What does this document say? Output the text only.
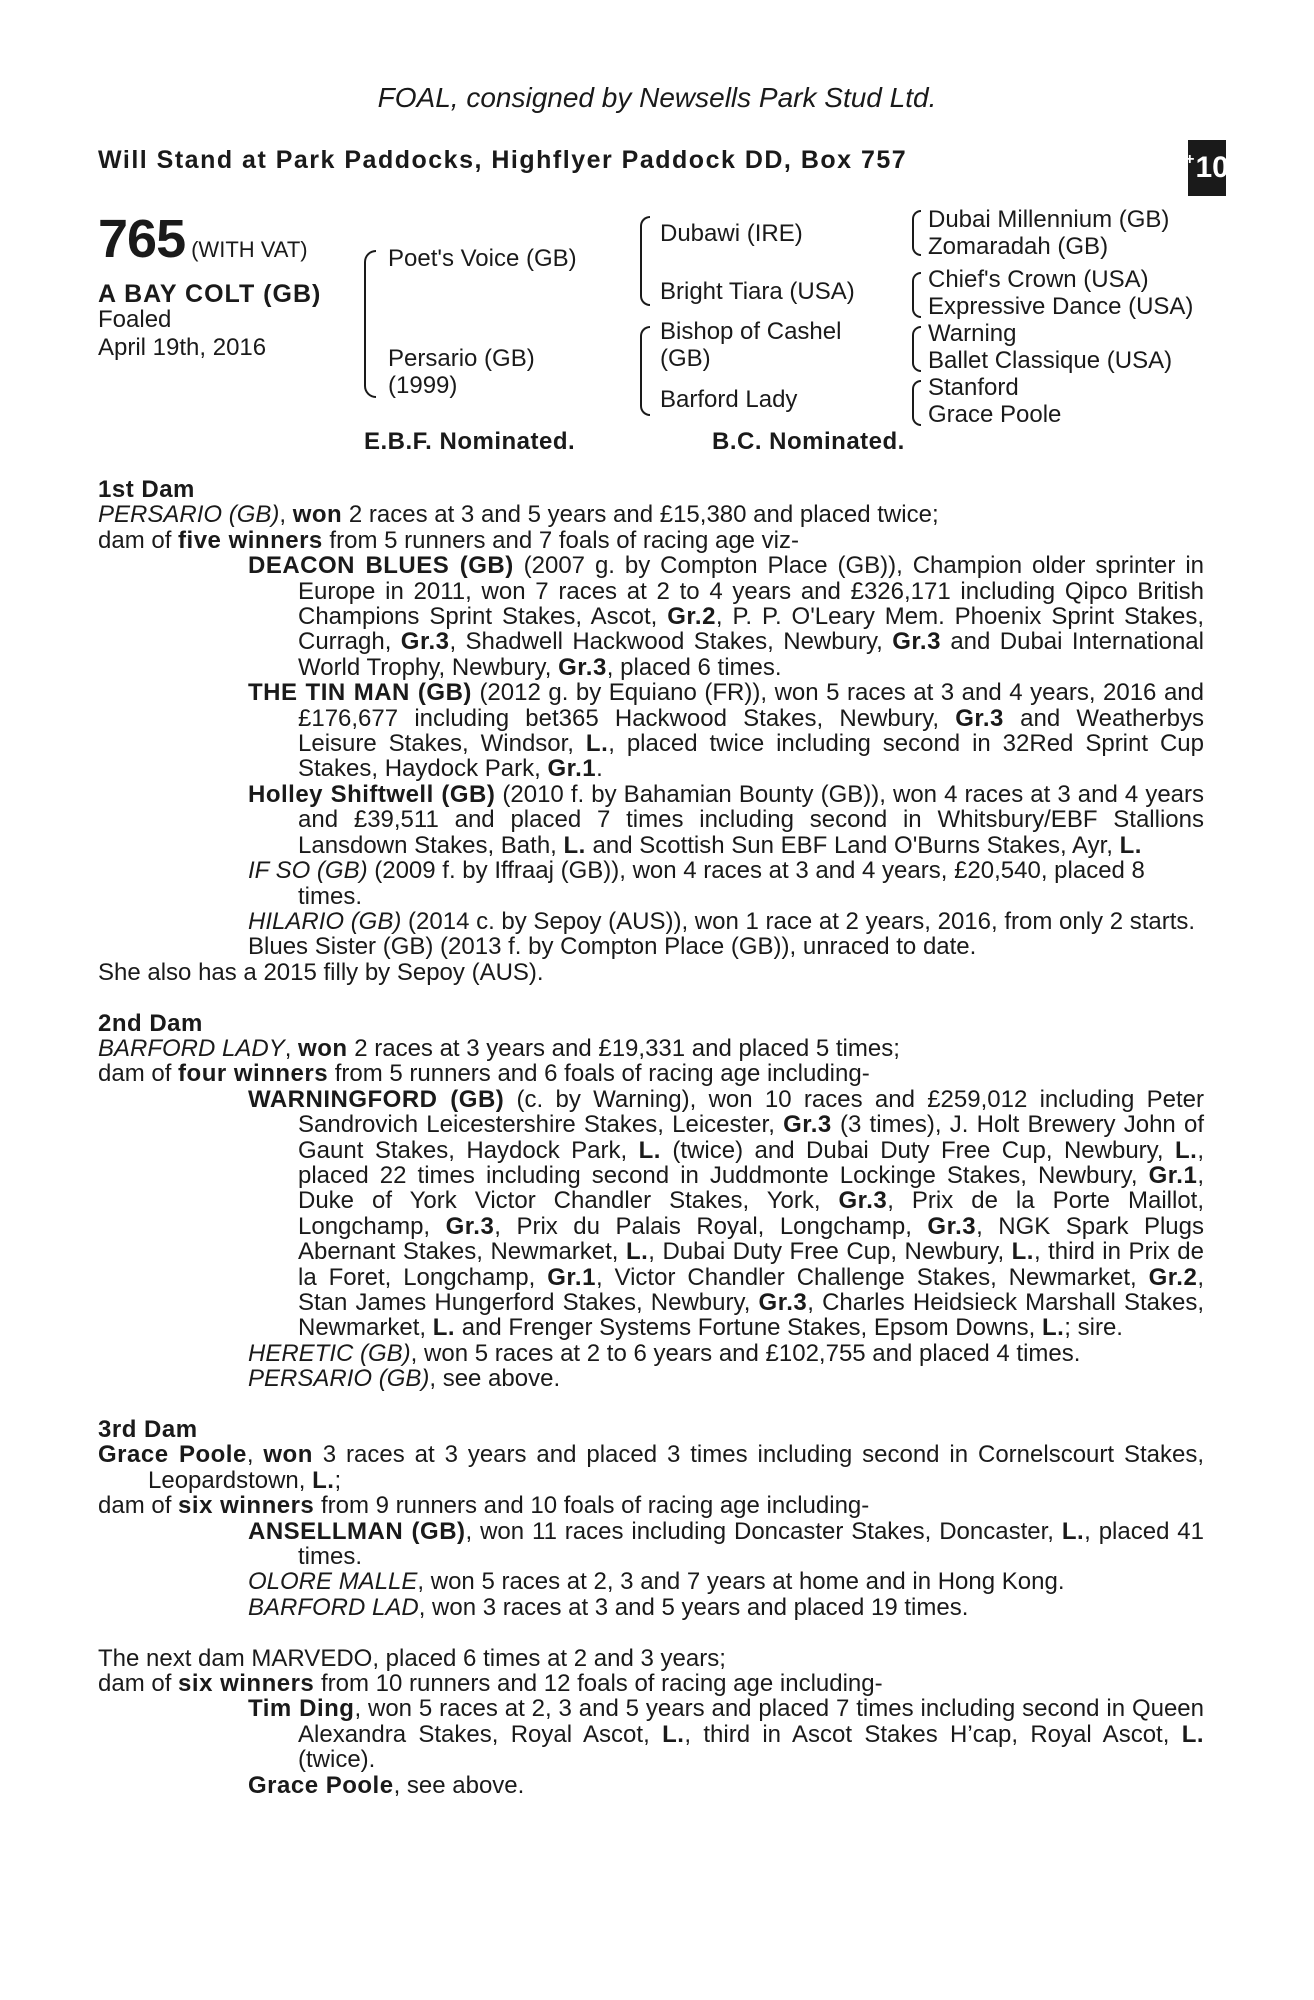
FOAL, consigned by Newsells Park Stud Ltd.
Will Stand at Park Paddocks, Highflyer Paddock DD, Box 757	+ 10
765 (WITH VAT)
A BAY COLT (GB)
Foaled
April 19th, 2016
Poet's Voice (GB)
Persario (GB)
(1999)
Dubawi (IRE)
Bright Tiara (USA)
Bishop of Cashel
(GB)
Barford Lady
Dubai Millennium (GB)
Zomaradah (GB)
Chief's Crown (USA)
Expressive Dance (USA)
Warning
Ballet Classique (USA)
Stanford
Grace Poole
E.B.F. Nominated.	B.C. Nominated.

1st Dam

PERSARIO (GB), won 2 races at 3 and 5 years and £15,380 and placed twice;

dam of five winners from 5 runners and 7 foals of racing age viz-

DEACON BLUES (GB) (2007 g. by Compton Place (GB)), Champion older sprinter in Europe in 2011, won 7 races at 2 to 4 years and £326,171 including Qipco British Champions Sprint Stakes, Ascot, Gr.2, P. P. O'Leary Mem. Phoenix Sprint Stakes, Curragh, Gr.3, Shadwell Hackwood Stakes, Newbury, Gr.3 and Dubai International World Trophy, Newbury, Gr.3, placed 6 times.

THE TIN MAN (GB) (2012 g. by Equiano (FR)), won 5 races at 3 and 4 years, 2016 and £176,677 including bet365 Hackwood Stakes, Newbury, Gr.3 and Weatherbys Leisure Stakes, Windsor, L., placed twice including second in 32Red Sprint Cup Stakes, Haydock Park, Gr.1.

Holley Shiftwell (GB) (2010 f. by Bahamian Bounty (GB)), won 4 races at 3 and 4 years and £39,511 and placed 7 times including second in Whitsbury/EBF Stallions Lansdown Stakes, Bath, L. and Scottish Sun EBF Land O'Burns Stakes, Ayr, L.

IF SO (GB) (2009 f. by Iffraaj (GB)), won 4 races at 3 and 4 years, £20,540, placed 8 times.

HILARIO (GB) (2014 c. by Sepoy (AUS)), won 1 race at 2 years, 2016, from only 2 starts.

Blues Sister (GB) (2013 f. by Compton Place (GB)), unraced to date.

She also has a 2015 filly by Sepoy (AUS).

2nd Dam

BARFORD LADY, won 2 races at 3 years and £19,331 and placed 5 times;

dam of four winners from 5 runners and 6 foals of racing age including-

WARNINGFORD (GB) (c. by Warning), won 10 races and £259,012 including Peter Sandrovich Leicestershire Stakes, Leicester, Gr.3 (3 times), J. Holt Brewery John of Gaunt Stakes, Haydock Park, L. (twice) and Dubai Duty Free Cup, Newbury, L., placed 22 times including second in Juddmonte Lockinge Stakes, Newbury, Gr.1, Duke of York Victor Chandler Stakes, York, Gr.3, Prix de la Porte Maillot, Longchamp, Gr.3, Prix du Palais Royal, Longchamp, Gr.3, NGK Spark Plugs Abernant Stakes, Newmarket, L., Dubai Duty Free Cup, Newbury, L., third in Prix de la Foret, Longchamp, Gr.1, Victor Chandler Challenge Stakes, Newmarket, Gr.2, Stan James Hungerford Stakes, Newbury, Gr.3, Charles Heidsieck Marshall Stakes, Newmarket, L. and Frenger Systems Fortune Stakes, Epsom Downs, L.; sire.

HERETIC (GB), won 5 races at 2 to 6 years and £102,755 and placed 4 times.

PERSARIO (GB), see above.

3rd Dam

Grace Poole, won 3 races at 3 years and placed 3 times including second in Cornelscourt Stakes, Leopardstown, L.;

dam of six winners from 9 runners and 10 foals of racing age including-

ANSELLMAN (GB), won 11 races including Doncaster Stakes, Doncaster, L., placed 41 times.

OLORE MALLE, won 5 races at 2, 3 and 7 years at home and in Hong Kong.

BARFORD LAD, won 3 races at 3 and 5 years and placed 19 times.

The next dam MARVEDO, placed 6 times at 2 and 3 years;

dam of six winners from 10 runners and 12 foals of racing age including-

Tim Ding, won 5 races at 2, 3 and 5 years and placed 7 times including second in Queen Alexandra Stakes, Royal Ascot, L., third in Ascot Stakes H’cap, Royal Ascot, L. (twice).

Grace Poole, see above.
